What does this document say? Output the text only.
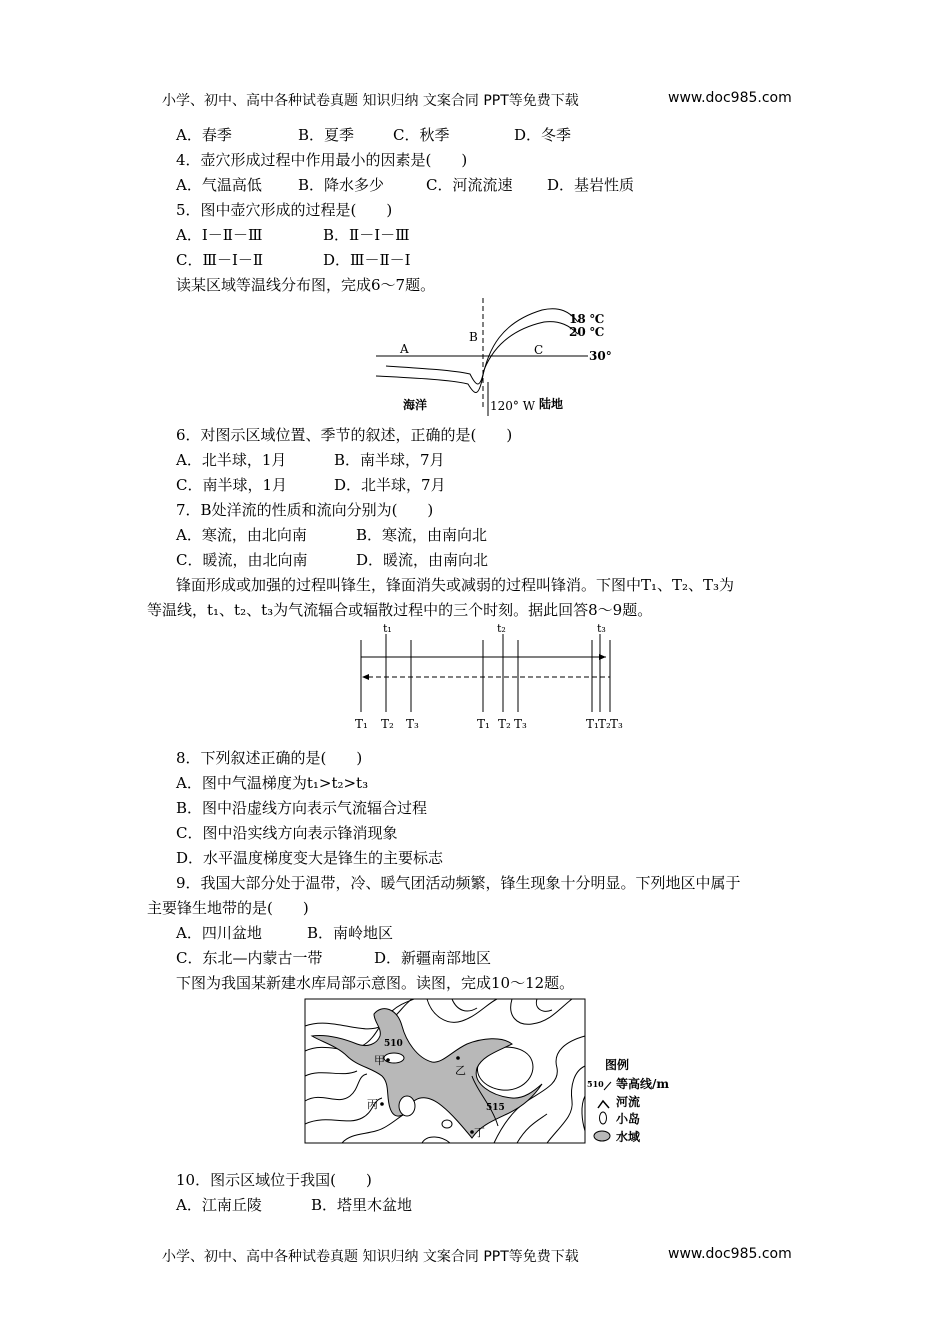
小学、初中、高中各种试卷真题 知识归纳 文案合同 PPT等免费下载	www.doc985.com
A．春季	B．夏季	C．秋季	D．冬季
4．壶穴形成过程中作用最小的因素是(　　)
A．气温高低 B．降水多少	C．河流流速 D．基岩性质
5．图中壶穴形成的过程是(　　)
A．Ⅰ－Ⅱ－Ⅲ	B．Ⅱ－Ⅰ－Ⅲ
C．Ⅲ－Ⅰ－Ⅱ	D．Ⅲ－Ⅱ－Ⅰ
读某区域等温线分布图，完成6～7题。
A
B
C
18 ℃
20 ℃
30°
海洋	120° W 陆地
6．对图示区域位置、季节的叙述，正确的是(　　)
A．北半球，1月	B．南半球，7月
C．南半球，1月	D．北半球，7月
7．B处洋流的性质和流向分别为(　　)
A．寒流，由北向南	B．寒流，由南向北
C．暖流，由北向南	D．暖流，由南向北
锋面形成或加强的过程叫锋生，锋面消失或减弱的过程叫锋消。下图中T₁、T₂、T₃为
等温线，t₁、t₂、t₃为气流辐合或辐散过程中的三个时刻。据此回答8～9题。
t₁	t₂	t₃
T₁ T₂ T₃	T₁ T₂ T₃	T₁ T₂ T₃
8．下列叙述正确的是(　　)
A．图中气温梯度为t₁>t₂>t₃
B．图中沿虚线方向表示气流辐合过程
C．图中沿实线方向表示锋消现象
D．水平温度梯度变大是锋生的主要标志
9．我国大部分处于温带，冷、暖气团活动频繁，锋生现象十分明显。下列地区中属于
主要锋生地带的是(　　)
A．四川盆地	B．南岭地区
C．东北—内蒙古一带	D．新疆南部地区
下图为我国某新建水库局部示意图。读图，完成10～12题。
510
515
甲
乙
丙
丁
图例
510 等高线/m
河流
小岛
水域
10．图示区域位于我国(　　)
A．江南丘陵	B．塔里木盆地
小学、初中、高中各种试卷真题 知识归纳 文案合同 PPT等免费下载	www.doc985.com
